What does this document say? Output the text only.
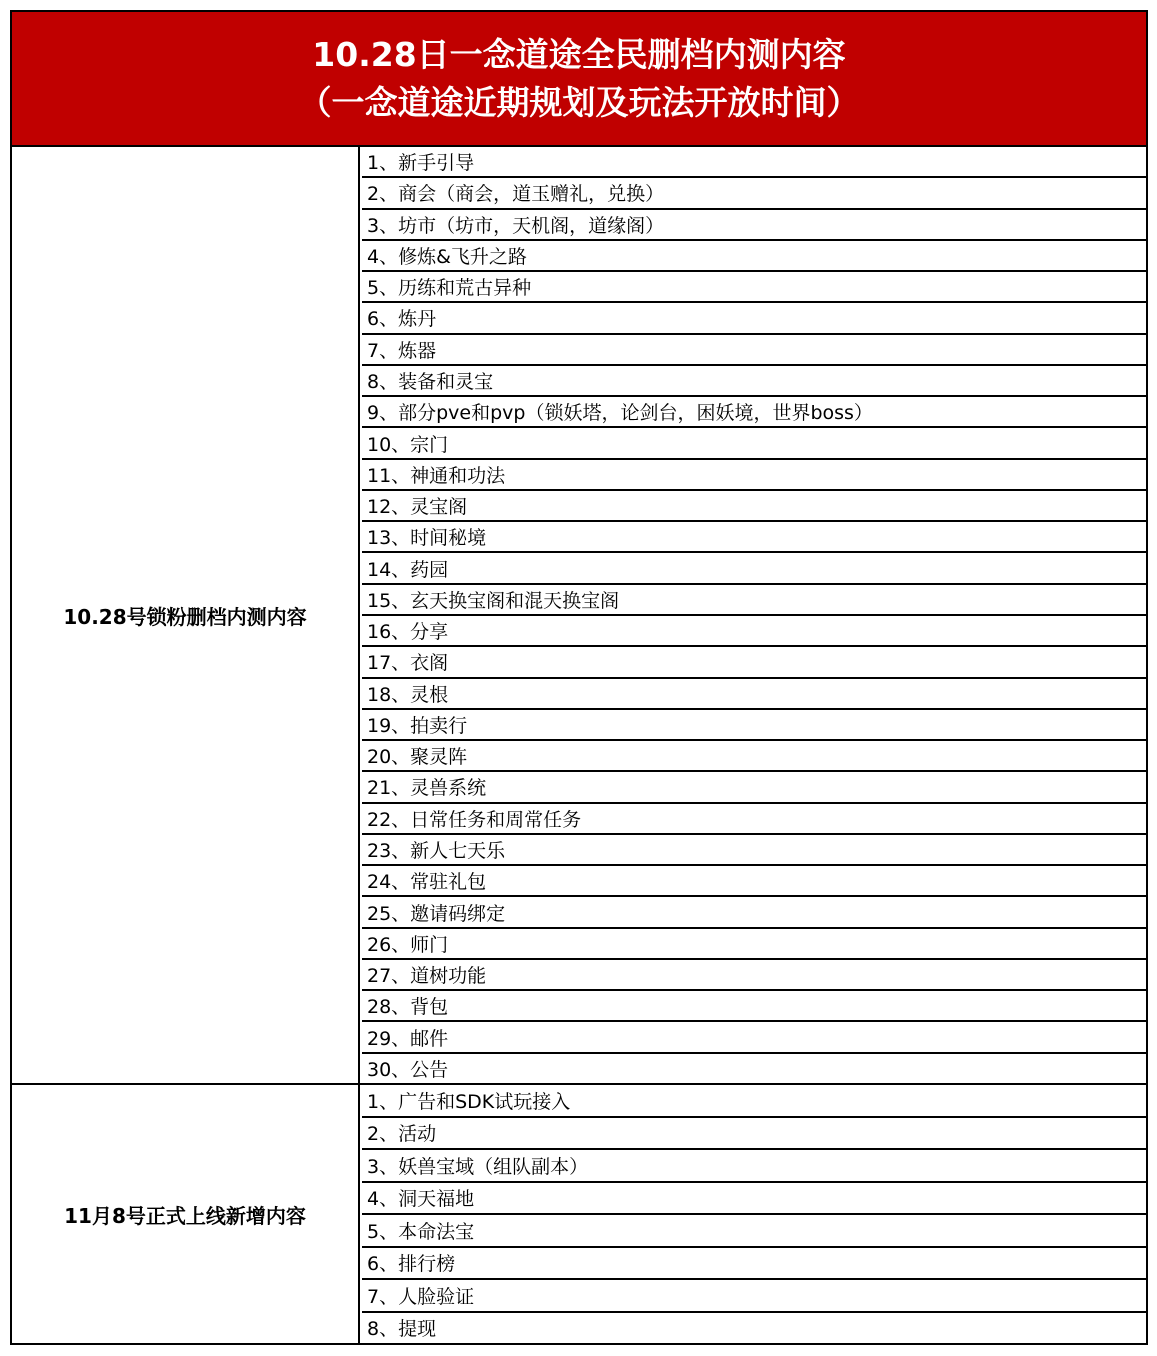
10.28日一念道途全民删档内测内容
（一念道途近期规划及玩法开放时间）
10.28号锁粉删档内测内容
1、新手引导
2、商会（商会，道玉赠礼，兑换）
3、坊市（坊市，天机阁，道缘阁）
4、修炼&飞升之路
5、历练和荒古异种
6、炼丹
7、炼器
8、装备和灵宝
9、部分pve和pvp（锁妖塔，论剑台，困妖境，世界boss）
10、宗门
11、神通和功法
12、灵宝阁
13、时间秘境
14、药园
15、玄天换宝阁和混天换宝阁
16、分享
17、衣阁
18、灵根
19、拍卖行
20、聚灵阵
21、灵兽系统
22、日常任务和周常任务
23、新人七天乐
24、常驻礼包
25、邀请码绑定
26、师门
27、道树功能
28、背包
29、邮件
30、公告
11月8号正式上线新增内容
1、广告和SDK试玩接入
2、活动
3、妖兽宝域（组队副本）
4、洞天福地
5、本命法宝
6、排行榜
7、人脸验证
8、提现
